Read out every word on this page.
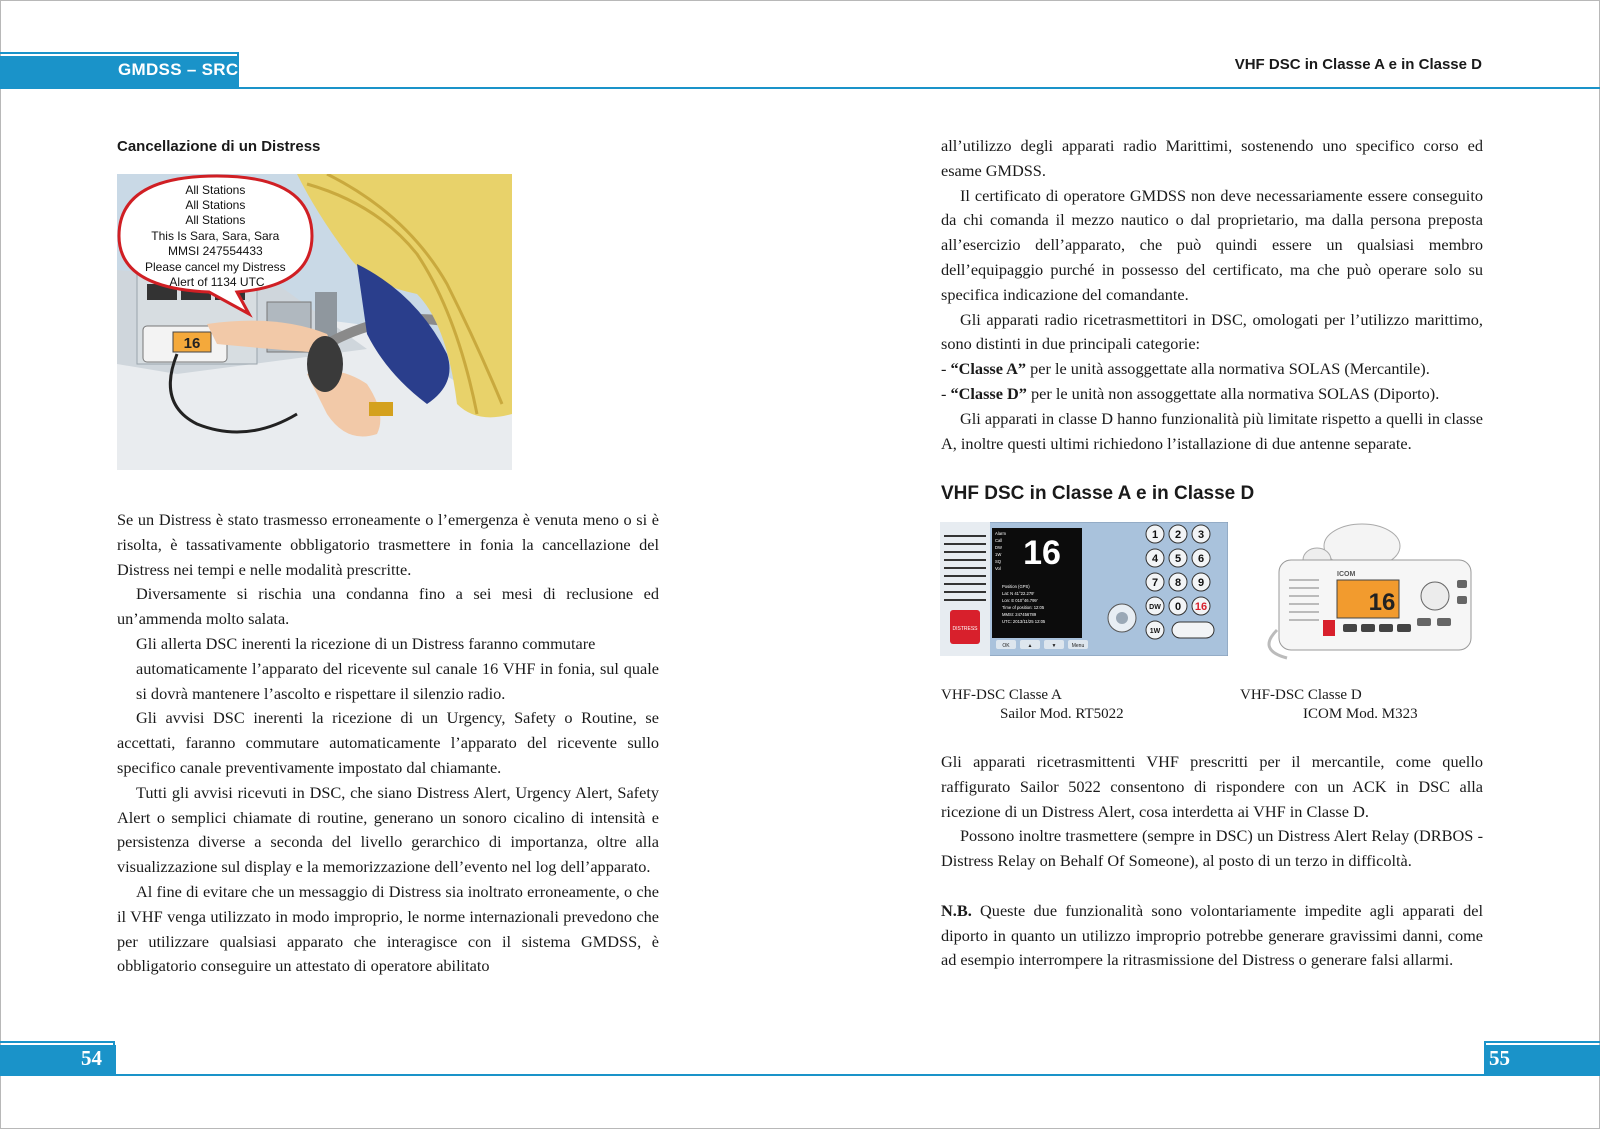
GMDSS – SRC	VHF DSC in Classe A e in Classe D
Cancellazione di un Distress
16
All Stations All Stations All Stations This Is Sara, Sara, Sara MMSI 247554433 Please cancel my Distress Alert of 1134 UTC

Se un Distress è stato trasmesso erroneamente o l’emergenza è venuta meno o si è risolta, è tassativamente obbligatorio trasmettere in fonia la cancellazione del Distress nei tempi e nelle modalità prescritte.

Diversamente si rischia una condanna fino a sei mesi di reclusione ed un’ammenda molto salata.

Gli allerta DSC inerenti la ricezione di un Distress faranno commutare

automaticamente l’apparato del ricevente sul canale 16 VHF in fonia, sul quale si dovrà mantenere l’ascolto e rispettare il silenzio radio.

Gli avvisi DSC inerenti la ricezione di un Urgency, Safety o Routine, se accettati, faranno commutare automaticamente l’apparato del ricevente sullo specifico canale preventivamente impostato dal chiamante.

Tutti gli avvisi ricevuti in DSC, che siano Distress Alert, Urgency Alert, Safety Alert o semplici chiamate di routine, generano un sonoro cicalino di intensità e persistenza diverse a seconda del livello gerarchico di importanza, oltre alla visualizzazione sul display e la memorizzazione dell’evento nel log dell’apparato.

Al fine di evitare che un messaggio di Distress sia inoltrato erroneamente, o che il VHF venga utilizzato in modo improprio, le norme internazionali prevedono che per utilizzare qualsiasi apparato che interagisce con il sistema GMDSS, è obbligatorio conseguire un attestato di operatore abilitato

all’utilizzo degli apparati radio Marittimi, sostenendo uno specifico corso ed esame GMDSS.

Il certificato di operatore GMDSS non deve necessariamente essere conseguito da chi comanda il mezzo nautico o dal proprietario, ma dalla persona preposta all’esercizio dell’apparato, che può quindi essere un qualsiasi membro dell’equipaggio purché in possesso del certificato, ma che può operare solo su specifica indicazione del comandante.

Gli apparati radio ricetrasmettitori in DSC, omologati per l’utilizzo marittimo, sono distinti in due principali categorie:

- “Classe A” per le unità assoggettate alla normativa SOLAS (Mercantile).

- “Classe D” per le unità non assoggettate alla normativa SOLAS (Diporto).

Gli apparati in classe D hanno funzionalità più limitate rispetto a quelli in classe A, inoltre questi ultimi richiedono l’istallazione di due antenne separate.

VHF DSC in Classe A e in Classe D
DISTRESS
16
Alarm
Call
DW
1W
SQ
Vol
Position (GPS)
Lat: N 41°22.279'
Lon: E 010°46.799'
Time of position: 12:05
MMSI: 247456789
UTC: 2013/11/25 12:05
OK	▲	▼	Menu
1 2 3
4 5 6
7 8 9
DW 0 16
1W
ICOM
16
VHF-DSC Classe A
Sailor Mod. RT5022
VHF-DSC Classe D
ICOM Mod. M323

Gli apparati ricetrasmittenti VHF prescritti per il mercantile, come quello raffigurato Sailor 5022 consentono di rispondere con un ACK in DSC alla ricezione di un Distress Alert, cosa interdetta ai VHF in Classe D.

Possono inoltre trasmettere (sempre in DSC) un Distress Alert Relay (DRBOS - Distress Relay on Behalf Of Someone), al posto di un terzo in difficoltà.

N.B. Queste due funzionalità sono volontariamente impedite agli apparati del diporto in quanto un utilizzo improprio potrebbe generare gravissimi danni, come ad esempio interrompere la ritrasmissione del Distress o generare falsi allarmi.

54	55
